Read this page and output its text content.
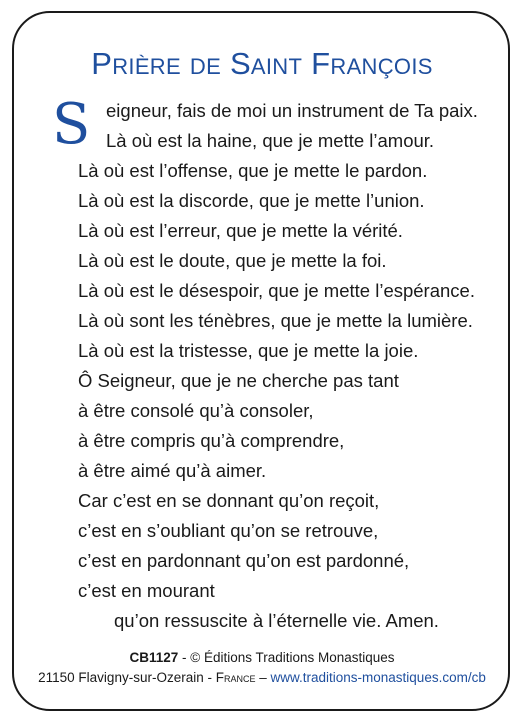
Prière de Saint François
S eigneur, fais de moi un instrument de Ta paix.
Là où est la haine, que je mette l’amour.
Là où est l’offense, que je mette le pardon.
Là où est la discorde, que je mette l’union.
Là où est l’erreur, que je mette la vérité.
Là où est le doute, que je mette la foi.
Là où est le désespoir, que je mette l’espérance.
Là où sont les ténèbres, que je mette la lumière.
Là où est la tristesse, que je mette la joie.
Ô Seigneur, que je ne cherche pas tant
à être consolé qu’à consoler,
à être compris qu’à comprendre,
à être aimé qu’à aimer.
Car c’est en se donnant qu’on reçoit,
c’est en s’oubliant qu’on se retrouve,
c’est en pardonnant qu’on est pardonné,
c’est en mourant
qu’on ressuscite à l’éternelle vie. Amen.
CB1127 - © Éditions Traditions Monastiques
21150 Flavigny-sur-Ozerain - France – www.traditions-monastiques.com/cb
